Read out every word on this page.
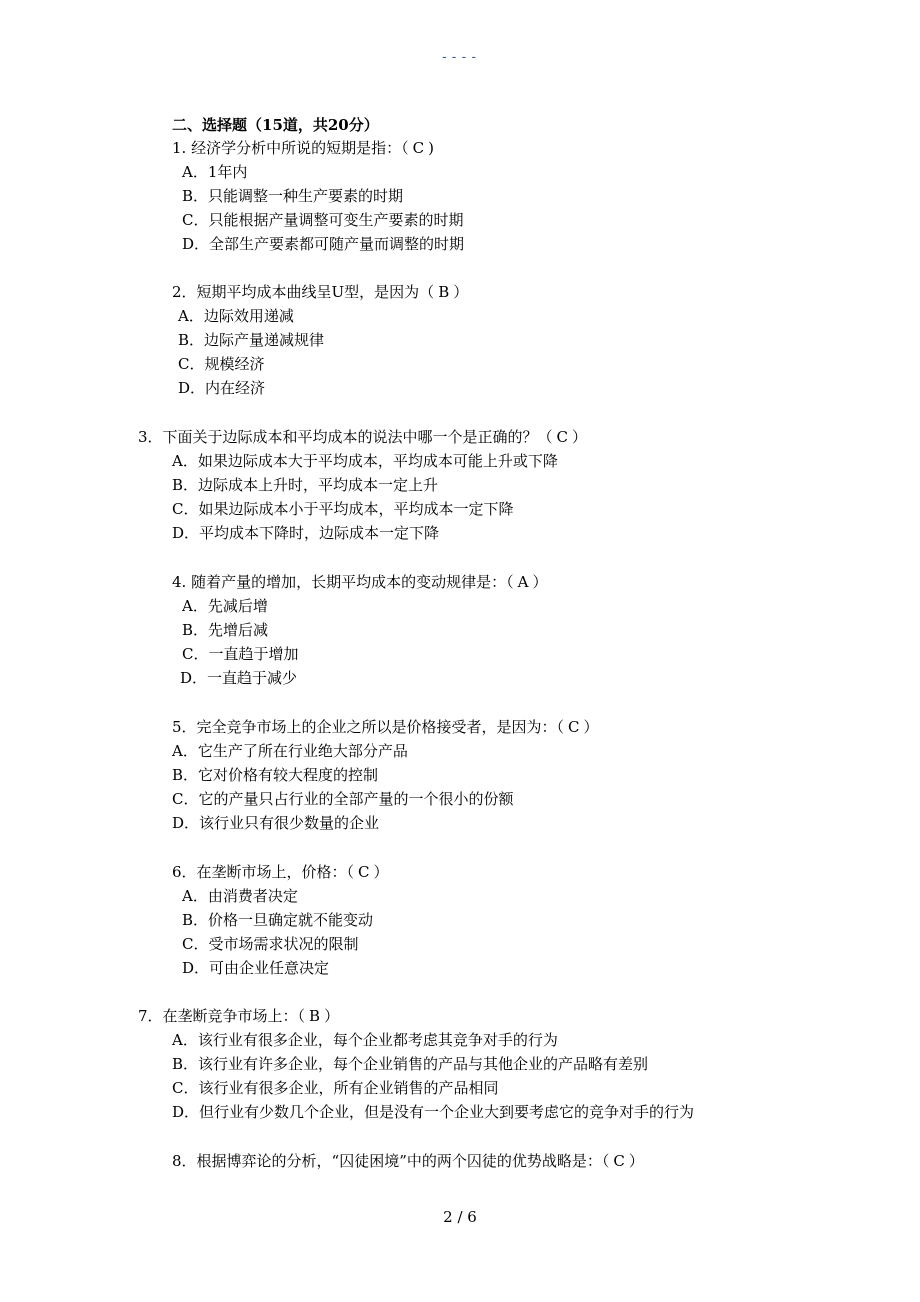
----
二、选择题（15道，共20分）
1. 经济学分析中所说的短期是指：（ C )
A．1年内
B．只能调整一种生产要素的时期
C．只能根据产量调整可变生产要素的时期
D．全部生产要素都可随产量而调整的时期
2．短期平均成本曲线呈U型，是因为（ B ）
A．边际效用递减
B．边际产量递减规律
C．规模经济
D．内在经济
3．下面关于边际成本和平均成本的说法中哪一个是正确的？（ C ）
A．如果边际成本大于平均成本，平均成本可能上升或下降
B．边际成本上升时，平均成本一定上升
C．如果边际成本小于平均成本，平均成本一定下降
D．平均成本下降时，边际成本一定下降
4. 随着产量的增加，长期平均成本的变动规律是：（ A ）
A．先减后增
B．先增后减
C．一直趋于增加
D．一直趋于减少
5．完全竞争市场上的企业之所以是价格接受者，是因为：（ C ）
A．它生产了所在行业绝大部分产品
B．它对价格有较大程度的控制
C．它的产量只占行业的全部产量的一个很小的份额
D．该行业只有很少数量的企业
6．在垄断市场上，价格：（ C ）
A．由消费者决定
B．价格一旦确定就不能变动
C．受市场需求状况的限制
D．可由企业任意决定
7．在垄断竞争市场上：（ B ）
A．该行业有很多企业，每个企业都考虑其竞争对手的行为
B．该行业有许多企业，每个企业销售的产品与其他企业的产品略有差别
C．该行业有很多企业，所有企业销售的产品相同
D．但行业有少数几个企业，但是没有一个企业大到要考虑它的竞争对手的行为
8．根据博弈论的分析，“囚徒困境”中的两个囚徒的优势战略是：（ C ）
2 / 6
